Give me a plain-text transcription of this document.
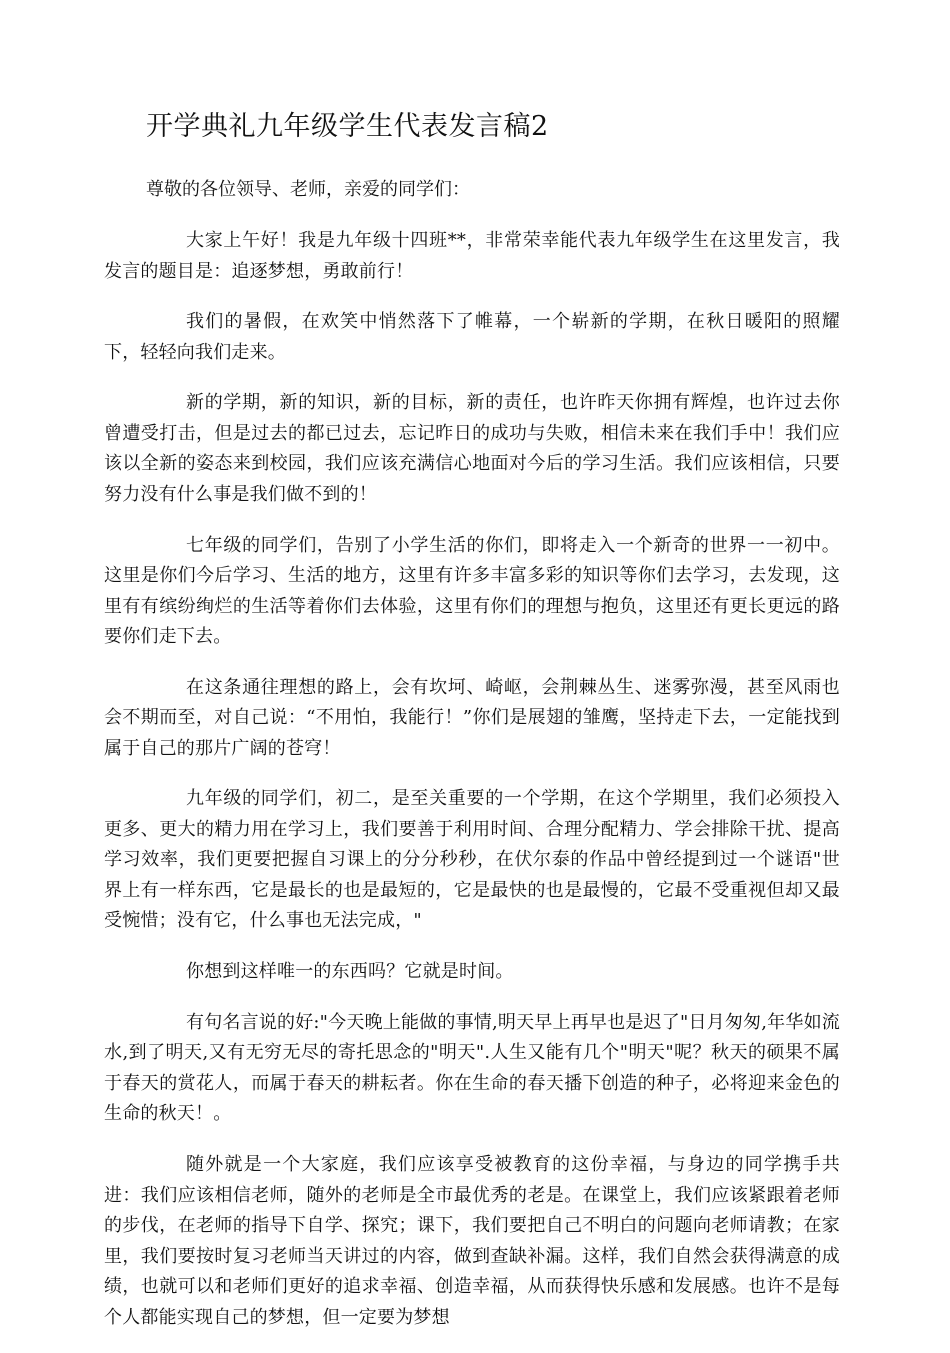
开学典礼九年级学生代表发言稿2

尊敬的各位领导、老师，亲爱的同学们：

大家上午好！我是九年级十四班**，非常荣幸能代表九年级学生在这里发言，我发言的题目是：追逐梦想，勇敢前行！

我们的暑假，在欢笑中悄然落下了帷幕，一个崭新的学期，在秋日暖阳的照耀下，轻轻向我们走来。

新的学期，新的知识，新的目标，新的责任，也许昨天你拥有辉煌，也许过去你曾遭受打击，但是过去的都已过去，忘记昨日的成功与失败，相信未来在我们手中！我们应该以全新的姿态来到校园，我们应该充满信心地面对今后的学习生活。我们应该相信，只要努力没有什么事是我们做不到的！

七年级的同学们，告别了小学生活的你们，即将走入一个新奇的世界一一初中。这里是你们今后学习、生活的地方，这里有许多丰富多彩的知识等你们去学习，去发现，这里有有缤纷绚烂的生活等着你们去体验，这里有你们的理想与抱负，这里还有更长更远的路要你们走下去。

在这条通往理想的路上，会有坎坷、崎岖，会荆棘丛生、迷雾弥漫，甚至风雨也会不期而至，对自己说：“不用怕，我能行！”你们是展翅的雏鹰，坚持走下去，一定能找到属于自己的那片广阔的苍穹！

九年级的同学们，初二，是至关重要的一个学期，在这个学期里，我们必须投入更多、更大的精力用在学习上，我们要善于利用时间、合理分配精力、学会排除干扰、提高学习效率，我们更要把握自习课上的分分秒秒，在伏尔泰的作品中曾经提到过一个谜语"世界上有一样东西，它是最长的也是最短的，它是最快的也是最慢的，它最不受重视但却又最受惋惜；没有它，什么事也无法完成，"

你想到这样唯一的东西吗？它就是时间。

有句名言说的好:"今天晚上能做的事情,明天早上再早也是迟了"日月匆匆,年华如流水,到了明天,又有无穷无尽的寄托思念的"明天".人生又能有几个"明天"呢？秋天的硕果不属于春天的赏花人，而属于春天的耕耘者。你在生命的春天播下创造的种子，必将迎来金色的生命的秋天！。

随外就是一个大家庭，我们应该享受被教育的这份幸福，与身边的同学携手共进：我们应该相信老师，随外的老师是全市最优秀的老是。在课堂上，我们应该紧跟着老师的步伐，在老师的指导下自学、探究；课下，我们要把自己不明白的问题向老师请教；在家里，我们要按时复习老师当天讲过的内容，做到查缺补漏。这样，我们自然会获得满意的成绩，也就可以和老师们更好的追求幸福、创造幸福，从而获得快乐感和发展感。也许不是每个人都能实现自己的梦想，但一定要为梦想
